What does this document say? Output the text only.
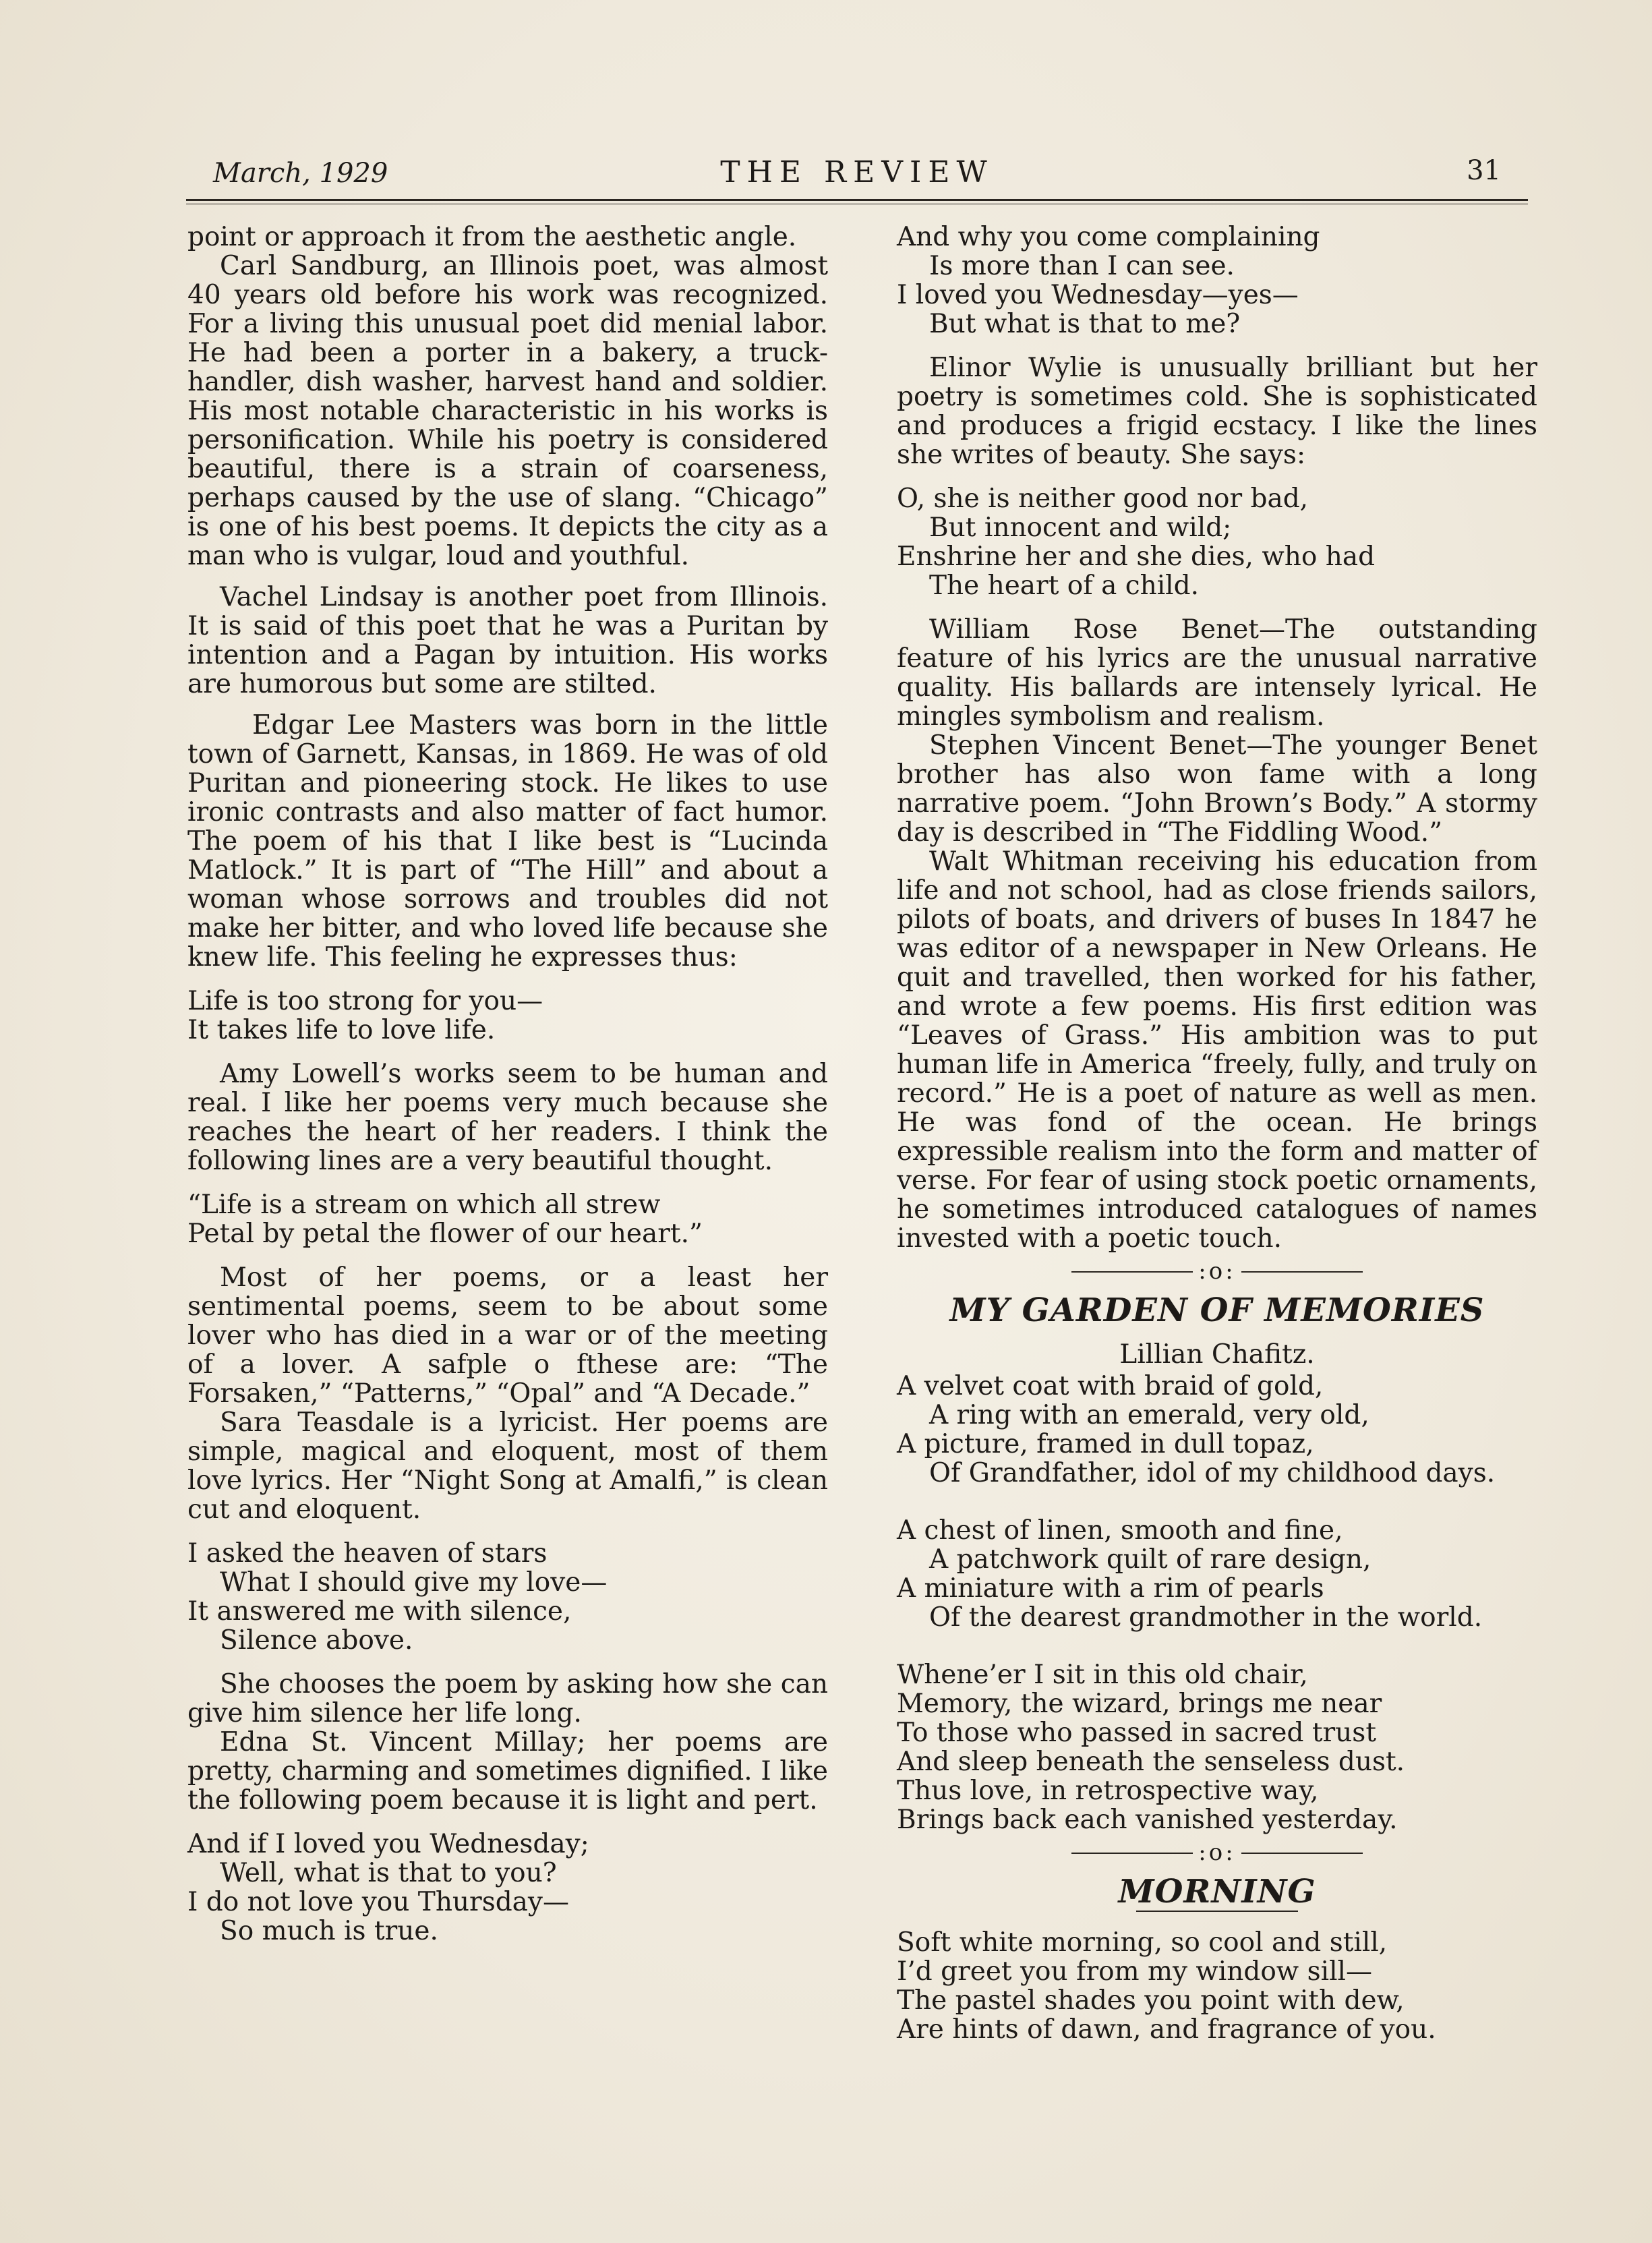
March, 1929	THE REVIEW	31

point or approach it from the aesthetic angle.

Carl Sandburg, an Illinois poet, was almost 40 years old before his work was recognized. For a living this unusual poet did menial labor. He had been a porter in a bakery, a truck-handler, dish washer, harvest hand and soldier. His most notable characteristic in his works is personification. While his poetry is considered beautiful, there is a strain of coarseness, perhaps caused by the use of slang. “Chicago” is one of his best poems. It depicts the city as a man who is vulgar, loud and youthful.

Vachel Lindsay is another poet from Illinois. It is said of this poet that he was a Puritan by intention and a Pagan by intuition. His works are humorous but some are stilted.

Edgar Lee Masters was born in the little town of Garnett, Kansas, in 1869. He was of old Puritan and pioneering stock. He likes to use ironic contrasts and also matter of fact humor. The poem of his that I like best is “Lucinda Matlock.” It is part of “The Hill” and about a woman whose sorrows and troubles did not make her bitter, and who loved life because she knew life. This feeling he expresses thus:

Life is too strong for you—
It takes life to love life.

Amy Lowell’s works seem to be human and real. I like her poems very much because she reaches the heart of her readers. I think the following lines are a very beautiful thought.

“Life is a stream on which all strew
Petal by petal the flower of our heart.”

Most of her poems, or a least her sentimental poems, seem to be about some lover who has died in a war or of the meeting of a lover. A safple o fthese are: “The Forsaken,” “Patterns,” “Opal” and “A Decade.”

Sara Teasdale is a lyricist. Her poems are simple, magical and eloquent, most of them love lyrics. Her “Night Song at Amalfi,” is clean cut and eloquent.

I asked the heaven of stars
What I should give my love—
It answered me with silence,
Silence above.

She chooses the poem by asking how she can give him silence her life long.

Edna St. Vincent Millay; her poems are pretty, charming and sometimes dignified. I like the following poem because it is light and pert.

And if I loved you Wednesday;
Well, what is that to you?
I do not love you Thursday—
So much is true.
And why you come complaining
Is more than I can see.
I loved you Wednesday—yes—
But what is that to me?

Elinor Wylie is unusually brilliant but her poetry is sometimes cold. She is sophisticated and produces a frigid ecstacy. I like the lines she writes of beauty. She says:

O, she is neither good nor bad,
But innocent and wild;
Enshrine her and she dies, who had
The heart of a child.

William Rose Benet—The outstanding feature of his lyrics are the unusual narrative quality. His ballards are intensely lyrical. He mingles symbolism and realism.

Stephen Vincent Benet—The younger Benet brother has also won fame with a long narrative poem. “John Brown’s Body.” A stormy day is described in “The Fiddling Wood.”

Walt Whitman receiving his education from life and not school, had as close friends sailors, pilots of boats, and drivers of buses In 1847 he was editor of a newspaper in New Orleans. He quit and travelled, then worked for his father, and wrote a few poems. His first edition was “Leaves of Grass.” His ambition was to put human life in America “freely, fully, and truly on record.” He is a poet of nature as well as men. He was fond of the ocean. He brings expressible realism into the form and matter of verse. For fear of using stock poetic ornaments, he sometimes introduced catalogues of names invested with a poetic touch.

:o:
MY GARDEN OF MEMORIES
Lillian Chafitz.
A velvet coat with braid of gold,
A ring with an emerald, very old,
A picture, framed in dull topaz,
Of Grandfather, idol of my childhood days.
A chest of linen, smooth and fine,
A patchwork quilt of rare design,
A miniature with a rim of pearls
Of the dearest grandmother in the world.
Whene’er I sit in this old chair,
Memory, the wizard, brings me near
To those who passed in sacred trust
And sleep beneath the senseless dust.
Thus love, in retrospective way,
Brings back each vanished yesterday.
:o:
MORNING
Soft white morning, so cool and still,
I’d greet you from my window sill—
The pastel shades you point with dew,
Are hints of dawn, and fragrance of you.
